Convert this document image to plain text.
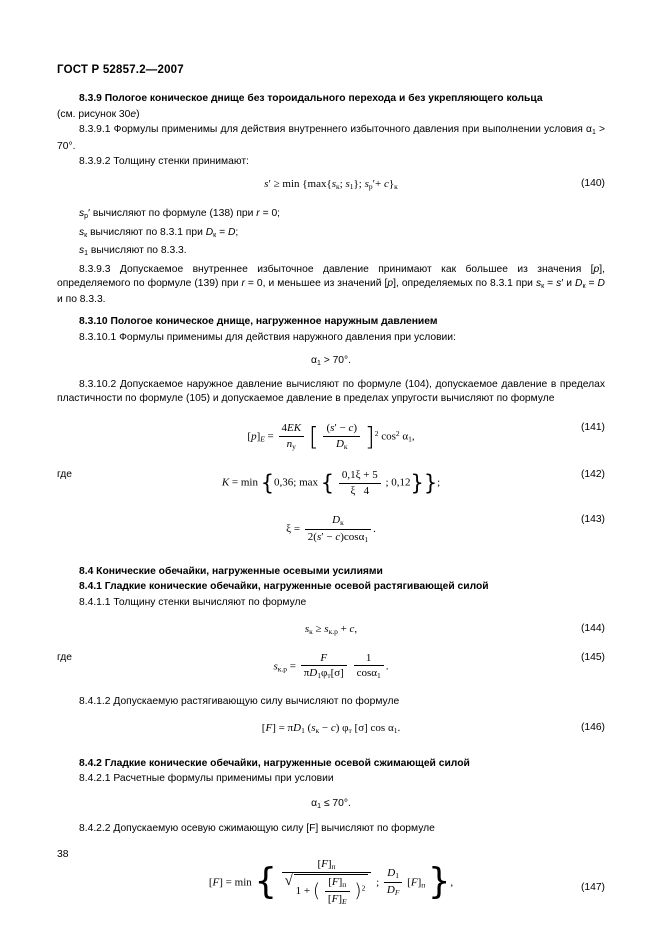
ГОСТ Р 52857.2—2007

8.3.9 Пологое коническое днище без тороидального перехода и без укрепляющего кольца

(см. рисунок 30е)

8.3.9.1 Формулы применимы для действия внутреннего избыточного давления при выполнении условия $\alpha_1 > 70^\circ$.

8.3.9.2 Толщину стенки принимают:

$s' \ge \min \{\max\{s_к$; $s_1$}; $s_р'+ c\}_к$	(140)

$s_р'$ вычисляют по формуле (138) при r = 0;

$s_к$ вычисляют по 8.3.1 при $D_к = D$;

$s_1$ вычисляют по 8.3.3.

8.3.9.3 Допускаемое внутреннее избыточное давление принимают как большее из значения [p], определяемого по формуле (139) при r = 0, и меньшее из значений [p], определяемых по 8.3.1 при $s_к = s'$ и $D_к = D$ и по 8.3.3.

8.3.10 Пологое коническое днище, нагруженное наружным давлением

8.3.10.1 Формулы применимы для действия наружного давления при условии:

$\alpha_1 > 70^\circ$.

8.3.10.2 Допускаемое наружное давление вычисляют по формуле (104), допускаемое давление в пределах пластичности по формуле (105) и допускаемое давление в пределах упругости вычисляют по формуле

$[p]_E = \frac{4EK}{n_у}$ [ $\frac{(s' - c)}{D_к} ]^2$ $\cos^2 \alpha_1$,
(141)
где
K = min {0,36; max { $\frac{0,1\xi + 5}{\xi 4}$ ; 0,12}};
(142)
$\xi = \frac{D_к}{2(s' - c)\cos\alpha_1}$ .
(143)

8.4 Конические обечайки, нагруженные осевыми усилиями

8.4.1 Гладкие конические обечайки, нагруженные осевой растягивающей силой

8.4.1.1 Толщину стенки вычисляют по формуле

$s_к \ge s_{к.р} + c$,	(144)
где
$s_{к.р} = \frac{F}{\pi D_1\varphi_т[\sigma]}$
$\frac{1}{\cos\alpha_1}$ .
(145)

8.4.1.2 Допускаемую растягивающую силу вычисляют по формуле

$[F] = \pi D_1$ $(s_к - c)$ $\varphi_т$ [σ] $\cos \alpha_1$.	(146)

8.4.2 Гладкие конические обечайки, нагруженные осевой сжимающей силой

8.4.2.1 Расчетные формулы применимы при условии

$\alpha_1 \le 70^\circ$.

8.4.2.2 Допускаемую осевую сжимающую силу [F] вычисляют по формуле

[F] = min { $[F]_п$
√ 1 + ( $\frac{[F]_п}{[F]_E} )^2$ ; $\frac{D_1}{D_F} [F]_п$ },	(147)
38
